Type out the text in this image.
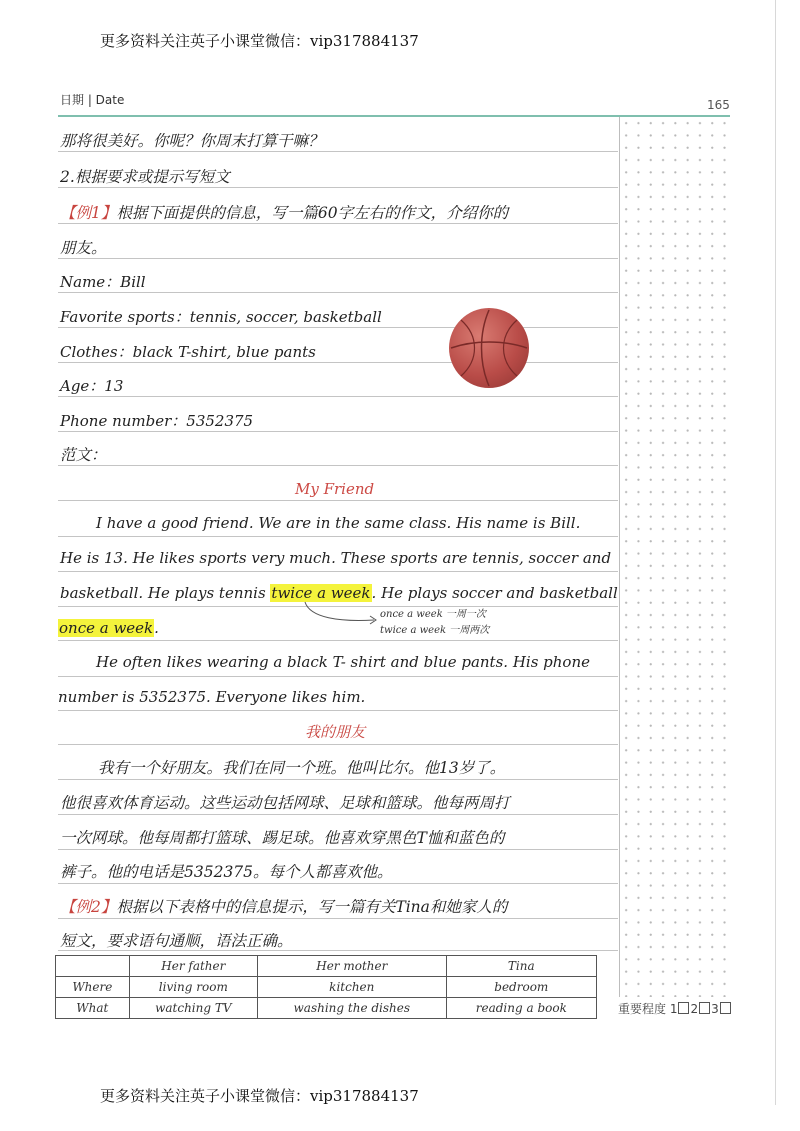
更多资料关注英子小课堂微信：vip317884137
日期 | Date	165
那将很美好。你呢？你周末打算干嘛？
2.根据要求或提示写短文
【例1】根据下面提供的信息，写一篇60字左右的作文，介绍你的
朋友。
Name：Bill
Favorite sports：tennis, soccer, basketball
Clothes：black T-shirt, blue pants
Age：13
Phone number：5352375
范文：
My Friend
I have a good friend. We are in the same class. His name is Bill.
He is 13. He likes sports very much. These sports are tennis, soccer and
basketball. He plays tennis twice a week. He plays soccer and basketball
once a week.
once a week 一周一次
twice a week 一周两次
He often likes wearing a black T- shirt and blue pants. His phone
number is 5352375. Everyone likes him.
我的朋友
我有一个好朋友。我们在同一个班。他叫比尔。他13岁了。
他很喜欢体育运动。这些运动包括网球、足球和篮球。他每两周打
一次网球。他每周都打篮球、踢足球。他喜欢穿黑色T恤和蓝色的
裤子。他的电话是5352375。每个人都喜欢他。
【例2】根据以下表格中的信息提示，写一篇有关Tina和她家人的
短文，要求语句通顺，语法正确。
	Her father	Her mother	Tina
Where	living room	kitchen	bedroom
What	watching TV	washing the dishes	reading a book	重要程度 1 2 3
更多资料关注英子小课堂微信：vip317884137
